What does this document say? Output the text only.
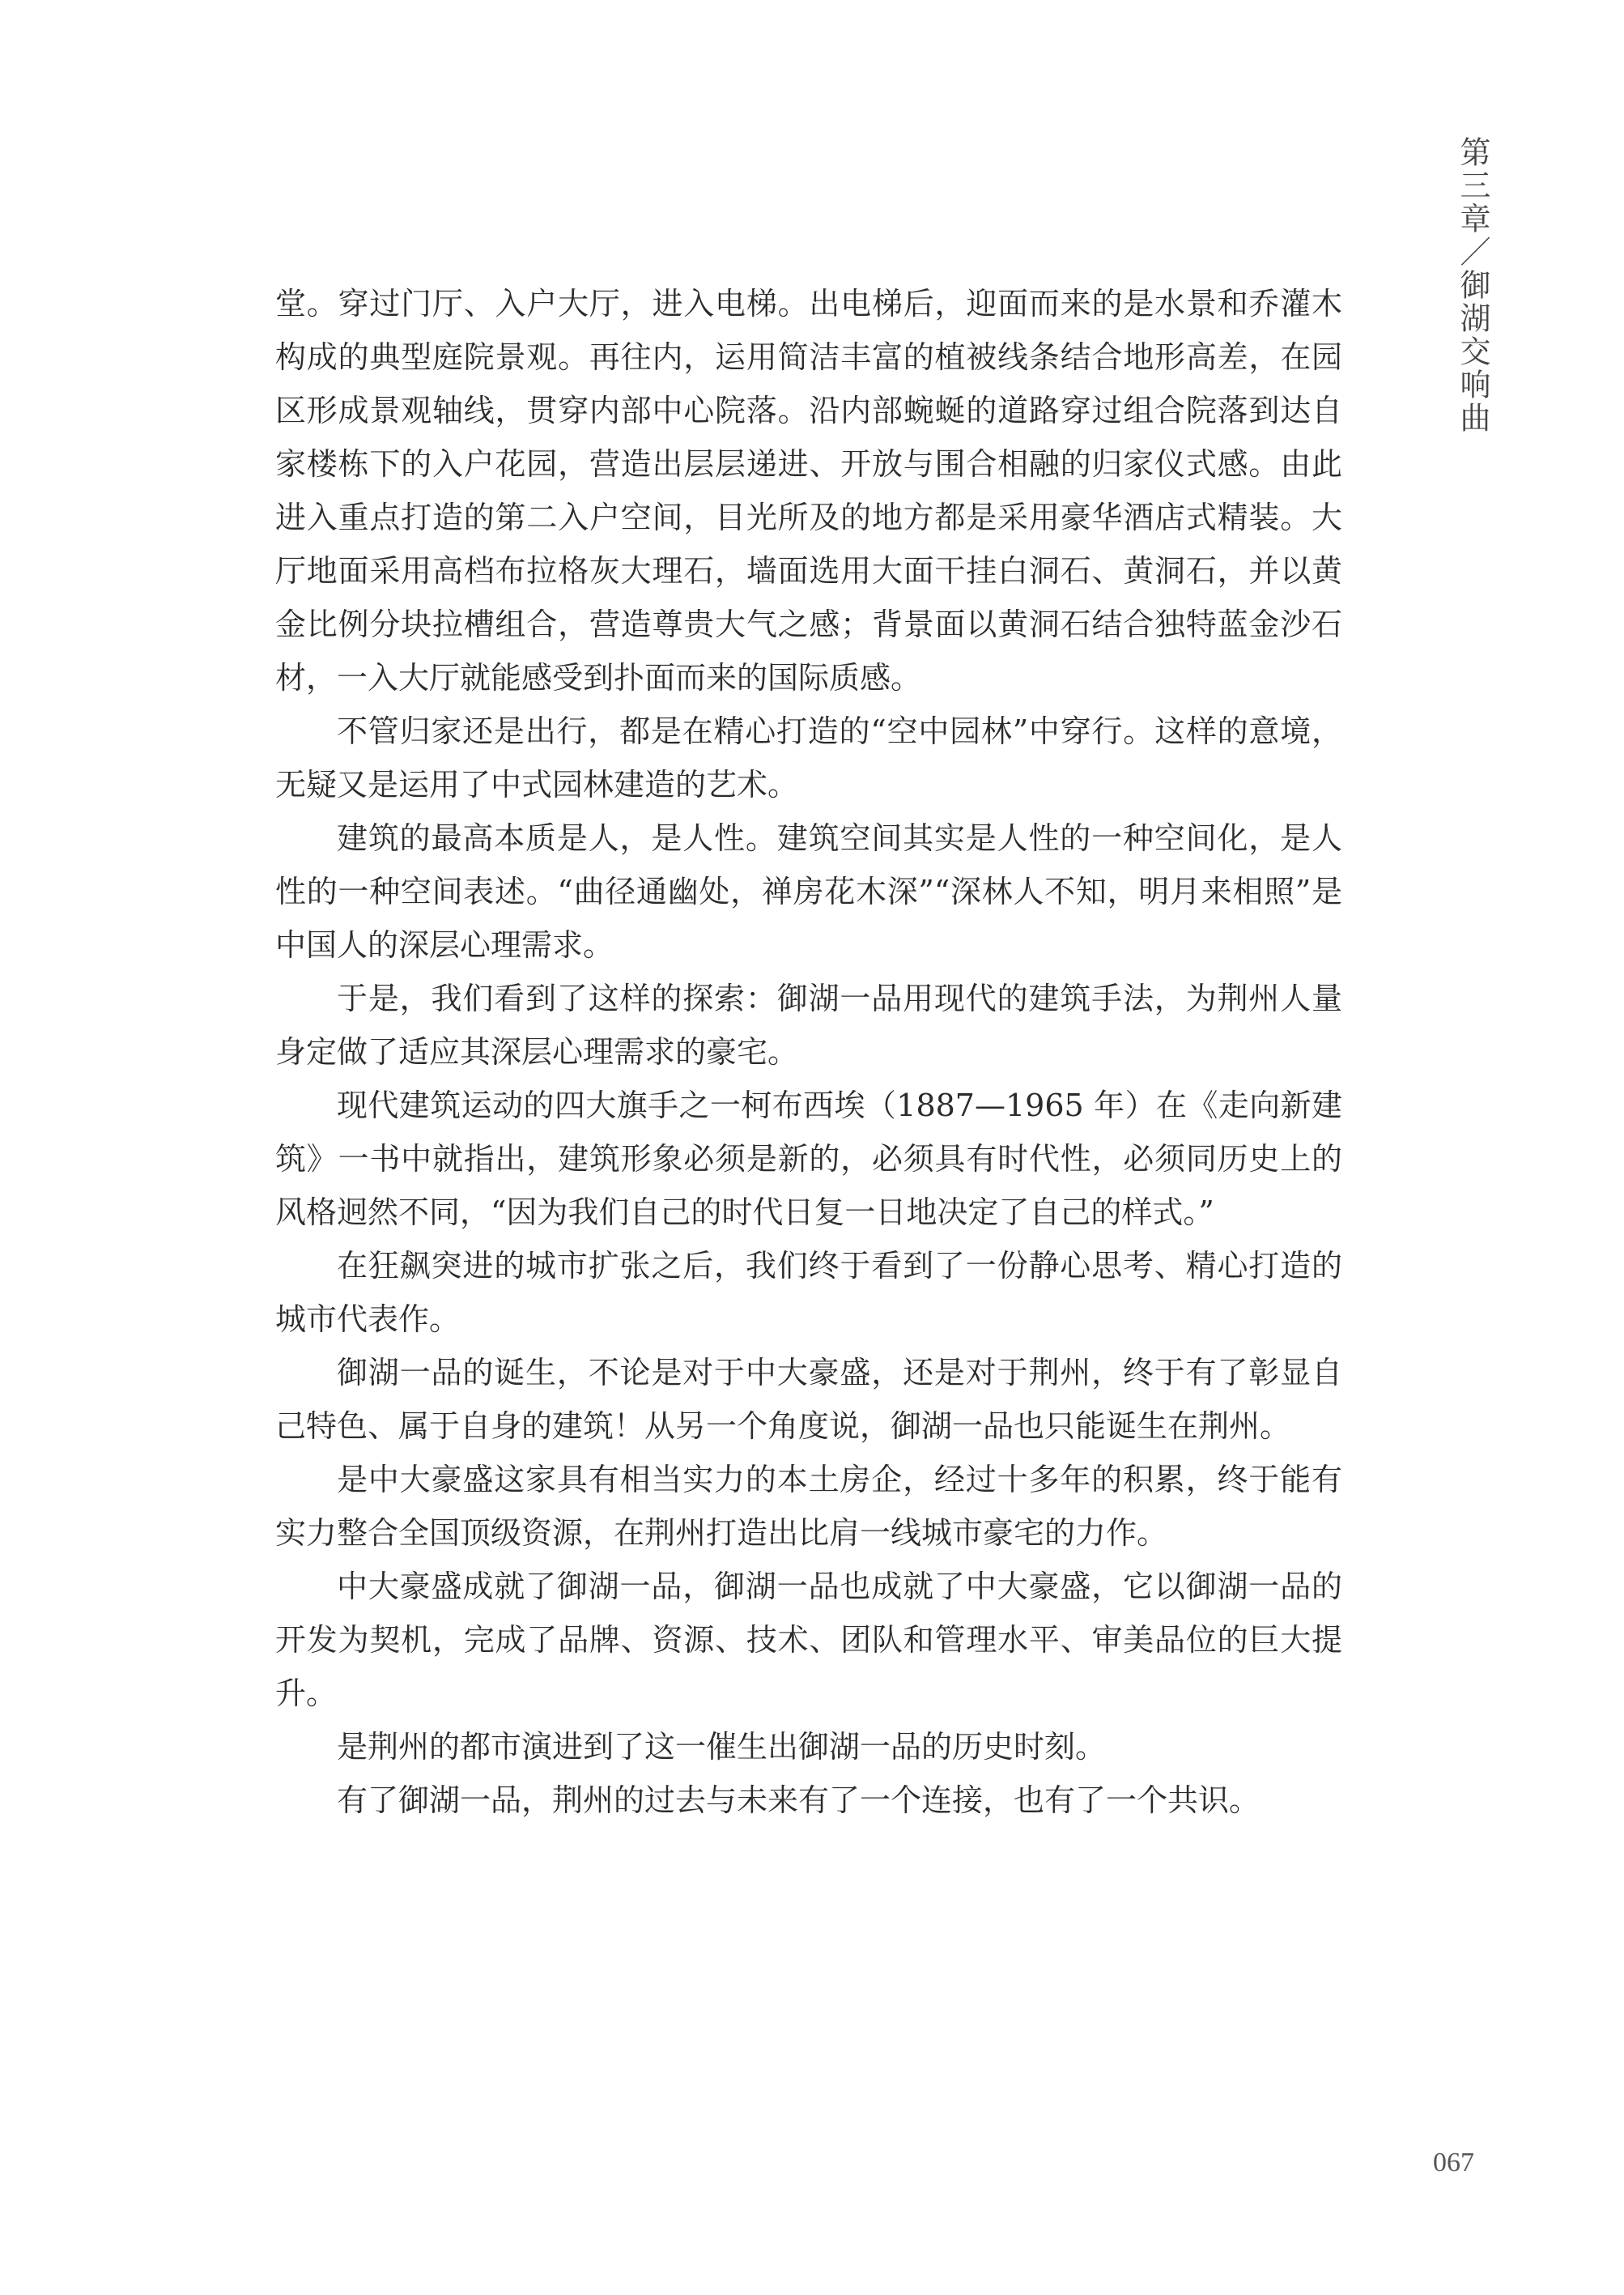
第三章／御湖交响曲

堂。穿过门厅、入户大厅，进入电梯。出电梯后，迎面而来的是水景和乔灌木构成的典型庭院景观。再往内，运用简洁丰富的植被线条结合地形高差，在园区形成景观轴线，贯穿内部中心院落。沿内部蜿蜒的道路穿过组合院落到达自家楼栋下的入户花园，营造出层层递进、开放与围合相融的归家仪式感。由此进入重点打造的第二入户空间，目光所及的地方都是采用豪华酒店式精装。大厅地面采用高档布拉格灰大理石，墙面选用大面干挂白洞石、黄洞石，并以黄金比例分块拉槽组合，营造尊贵大气之感；背景面以黄洞石结合独特蓝金沙石材，一入大厅就能感受到扑面而来的国际质感。

不管归家还是出行，都是在精心打造的“空中园林”中穿行。这样的意境，无疑又是运用了中式园林建造的艺术。

建筑的最高本质是人，是人性。建筑空间其实是人性的一种空间化，是人性的一种空间表述。“曲径通幽处，禅房花木深”“深林人不知，明月来相照”是中国人的深层心理需求。

于是，我们看到了这样的探索：御湖一品用现代的建筑手法，为荆州人量身定做了适应其深层心理需求的豪宅。

现代建筑运动的四大旗手之一柯布西埃（1887—1965 年）在《走向新建筑》一书中就指出，建筑形象必须是新的，必须具有时代性，必须同历史上的风格迥然不同，“因为我们自己的时代日复一日地决定了自己的样式。”

在狂飙突进的城市扩张之后，我们终于看到了一份静心思考、精心打造的城市代表作。

御湖一品的诞生，不论是对于中大豪盛，还是对于荆州，终于有了彰显自己特色、属于自身的建筑！从另一个角度说，御湖一品也只能诞生在荆州。

是中大豪盛这家具有相当实力的本土房企，经过十多年的积累，终于能有实力整合全国顶级资源，在荆州打造出比肩一线城市豪宅的力作。

中大豪盛成就了御湖一品，御湖一品也成就了中大豪盛，它以御湖一品的开发为契机，完成了品牌、资源、技术、团队和管理水平、审美品位的巨大提升。

是荆州的都市演进到了这一催生出御湖一品的历史时刻。

有了御湖一品，荆州的过去与未来有了一个连接，也有了一个共识。

067
